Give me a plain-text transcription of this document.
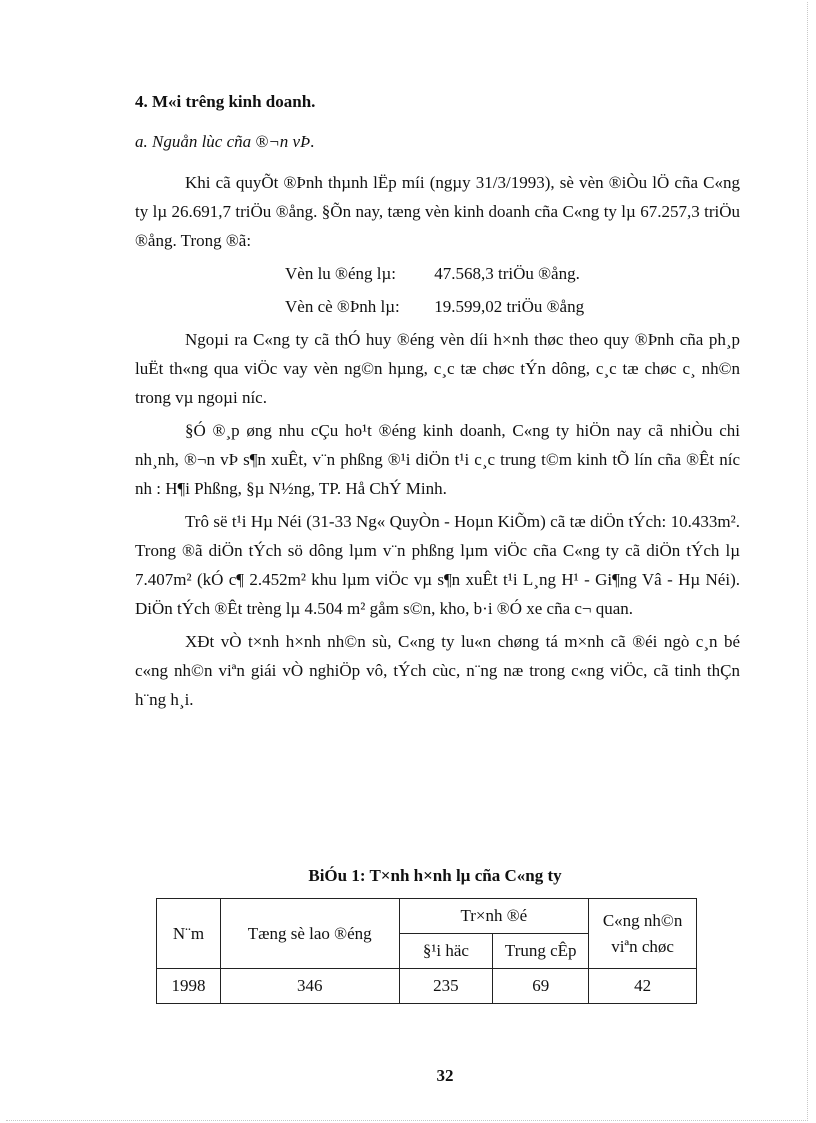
4. M«i trêng kinh doanh.

a. Nguån lùc cña ®¬n vÞ.

Khi cã quyÕt ®Þnh thµnh lËp míi (ngµy 31/3/1993), sè vèn ®iÒu lÖ cña C«ng ty lµ 26.691,7 triÖu ®ång. §Õn nay, tæng vèn kinh doanh cña C«ng ty lµ 67.257,3 triÖu ®ång. Trong ®ã:

Vèn lu ®éng lµ: 47.568,3 triÖu ®ång.

Vèn cè ®Þnh lµ: 19.599,02 triÖu ®ång

Ngoµi ra C«ng ty cã thÓ huy ®éng vèn díi h×nh thøc theo quy ®Þnh cña ph¸p luËt th«ng qua viÖc vay vèn ng©n hµng, c¸c tæ chøc tÝn dông, c¸c tæ chøc c¸ nh©n trong vµ ngoµi níc.

§Ó ®¸p øng nhu cÇu ho¹t ®éng kinh doanh, C«ng ty hiÖn nay cã nhiÒu chi nh¸nh, ®¬n vÞ s¶n xuÊt, v¨n phßng ®¹i diÖn t¹i c¸c trung t©m kinh tÕ lín cña ®Êt níc nh : H¶i Phßng, §µ N½ng, TP. Hå ChÝ Minh.

Trô së t¹i Hµ Néi (31-33 Ng« QuyÒn - Hoµn KiÕm) cã tæ diÖn tÝch: 10.433m². Trong ®ã diÖn tÝch sö dông lµm v¨n phßng lµm viÖc cña C«ng ty cã diÖn tÝch lµ 7.407m² (kÓ c¶ 2.452m² khu lµm viÖc vµ s¶n xuÊt t¹i L¸ng H¹ - Gi¶ng Vâ - Hµ Néi). DiÖn tÝch ®Êt trèng lµ 4.504 m² gåm s©n, kho, b·i ®Ó xe cña c¬ quan.

XÐt vÒ t×nh h×nh nh©n sù, C«ng ty lu«n chøng tá m×nh cã ®éi ngò c¸n bé c«ng nh©n viªn giái vÒ nghiÖp vô, tÝch cùc, n¨ng næ trong c«ng viÖc, cã tinh thÇn h¨ng h¸i.

BiÓu 1: T×nh h×nh lµ cña C«ng ty
N¨m	Tæng sè lao ®éng	Tr×nh ®é		C«ng nh©n viªn chøc
		§¹i häc	Trung cÊp	
1998	346	235	69	42
32
